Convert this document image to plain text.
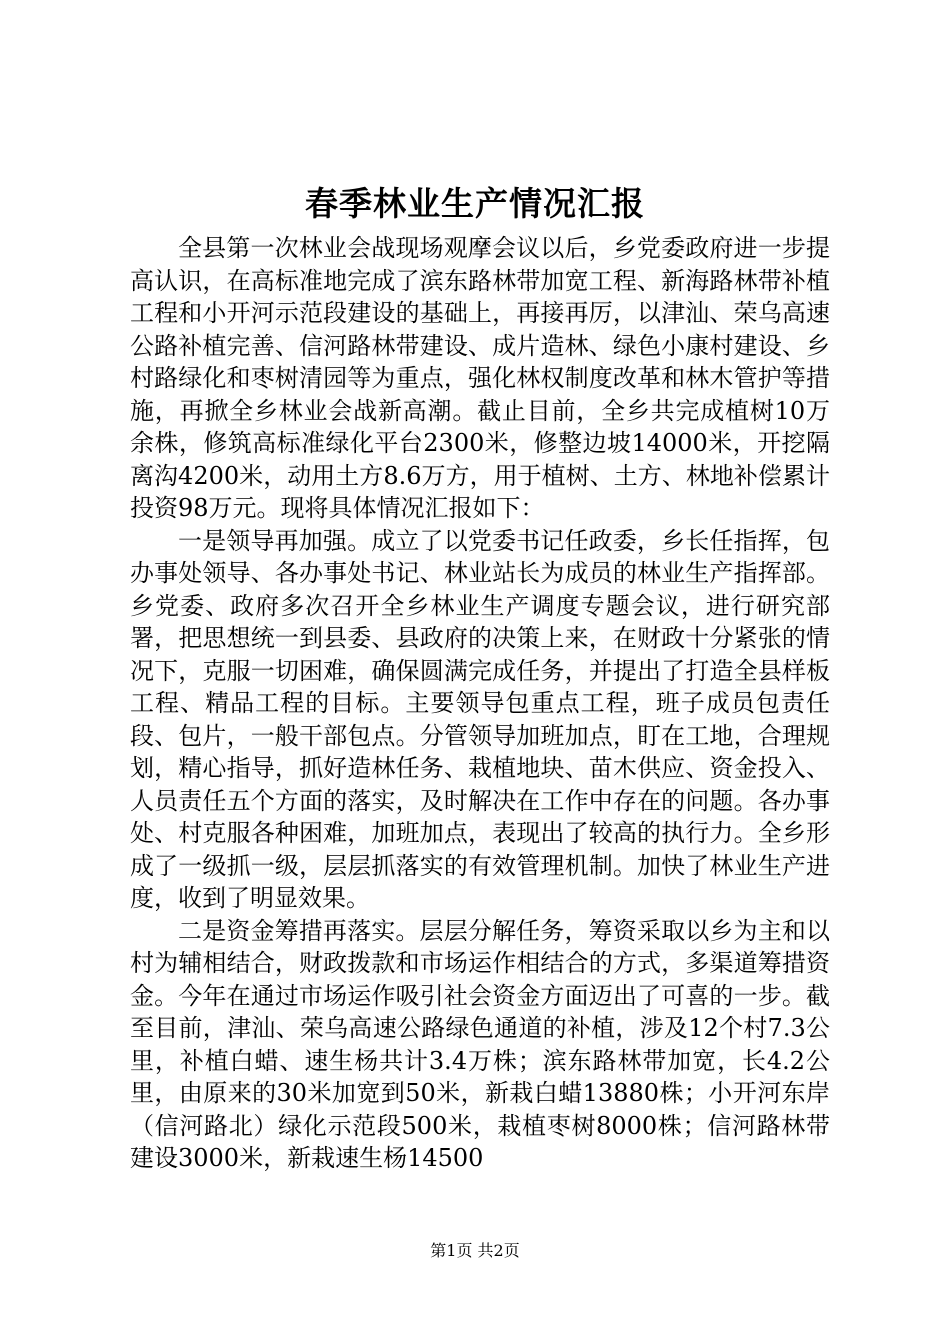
春季林业生产情况汇报

全县第一次林业会战现场观摩会议以后，乡党委政府进一步提高认识，在高标准地完成了滨东路林带加宽工程、新海路林带补植工程和小开河示范段建设的基础上，再接再厉，以津汕、荣乌高速公路补植完善、信河路林带建设、成片造林、绿色小康村建设、乡村路绿化和枣树清园等为重点，强化林权制度改革和林木管护等措施，再掀全乡林业会战新高潮。截止目前，全乡共完成植树10万余株，修筑高标准绿化平台2300米，修整边坡14000米，开挖隔离沟4200米，动用土方8.6万方，用于植树、土方、林地补偿累计投资98万元。现将具体情况汇报如下：

一是领导再加强。成立了以党委书记任政委，乡长任指挥，包办事处领导、各办事处书记、林业站长为成员的林业生产指挥部。乡党委、政府多次召开全乡林业生产调度专题会议，进行研究部署，把思想统一到县委、县政府的决策上来，在财政十分紧张的情况下，克服一切困难，确保圆满完成任务，并提出了打造全县样板工程、精品工程的目标。主要领导包重点工程，班子成员包责任段、包片，一般干部包点。分管领导加班加点，盯在工地，合理规划，精心指导，抓好造林任务、栽植地块、苗木供应、资金投入、人员责任五个方面的落实，及时解决在工作中存在的问题。各办事处、村克服各种困难，加班加点，表现出了较高的执行力。全乡形成了一级抓一级，层层抓落实的有效管理机制。加快了林业生产进度，收到了明显效果。

二是资金筹措再落实。层层分解任务，筹资采取以乡为主和以村为辅相结合，财政拨款和市场运作相结合的方式，多渠道筹措资金。今年在通过市场运作吸引社会资金方面迈出了可喜的一步。截至目前，津汕、荣乌高速公路绿色通道的补植，涉及12个村7.3公里，补植白蜡、速生杨共计3.4万株；滨东路林带加宽，长4.2公里，由原来的30米加宽到50米，新栽白蜡13880株；小开河东岸（信河路北）绿化示范段500米，栽植枣树8000株；信河路林带建设3000米，新栽速生杨14500

第1页 共2页
